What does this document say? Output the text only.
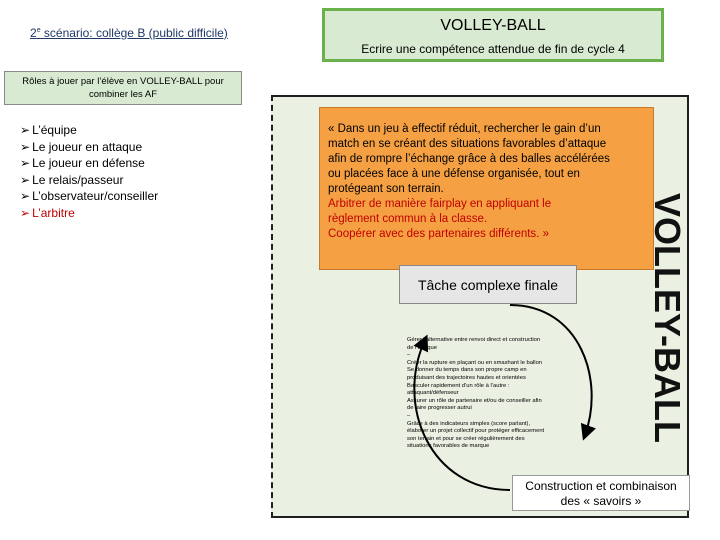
2e scénario: collège B (public difficile)	VOLLEY-BALL
Ecrire une compétence attendue de fin de cycle 4
Rôles à jouer par l’élève en VOLLEY-BALL pour
combiner les AF
➢ L’équipe
➢ Le joueur en attaque
➢ Le joueur en défense
➢ Le relais/passeur
➢ L’observateur/conseiller
➢ L’arbitre
« Dans un jeu à effectif réduit, rechercher le gain d’un
match en se créant des situations favorables d’attaque
afin de rompre l’échange grâce à des balles accélérées
ou placées face à une défense organisée, tout en
protégeant son terrain.
Arbitrer de manière fairplay en appliquant le
règlement commun à la classe.
Coopérer avec des partenaires différents. »	VOLLEY-BALL
Tâche complexe finale
Gérer l’alternative entre renvoi direct et construction
de l’attaque
–
Créer la rupture en plaçant ou en smashant le ballon
Se donner du temps dans son propre camp en
produisant des trajectoires hautes et orientées
Basculer rapidement d’un rôle à l’autre :
attaquant/défenseur
Assurer un rôle de partenaire et/ou de conseiller afin
de faire progresser autrui
–
Grâce à des indicateurs simples (score parlant),
élaborer un projet collectif pour protéger efficacement
son terrain et pour se créer régulièrement des
situations favorables de marque
Construction et combinaison
des « savoirs »
